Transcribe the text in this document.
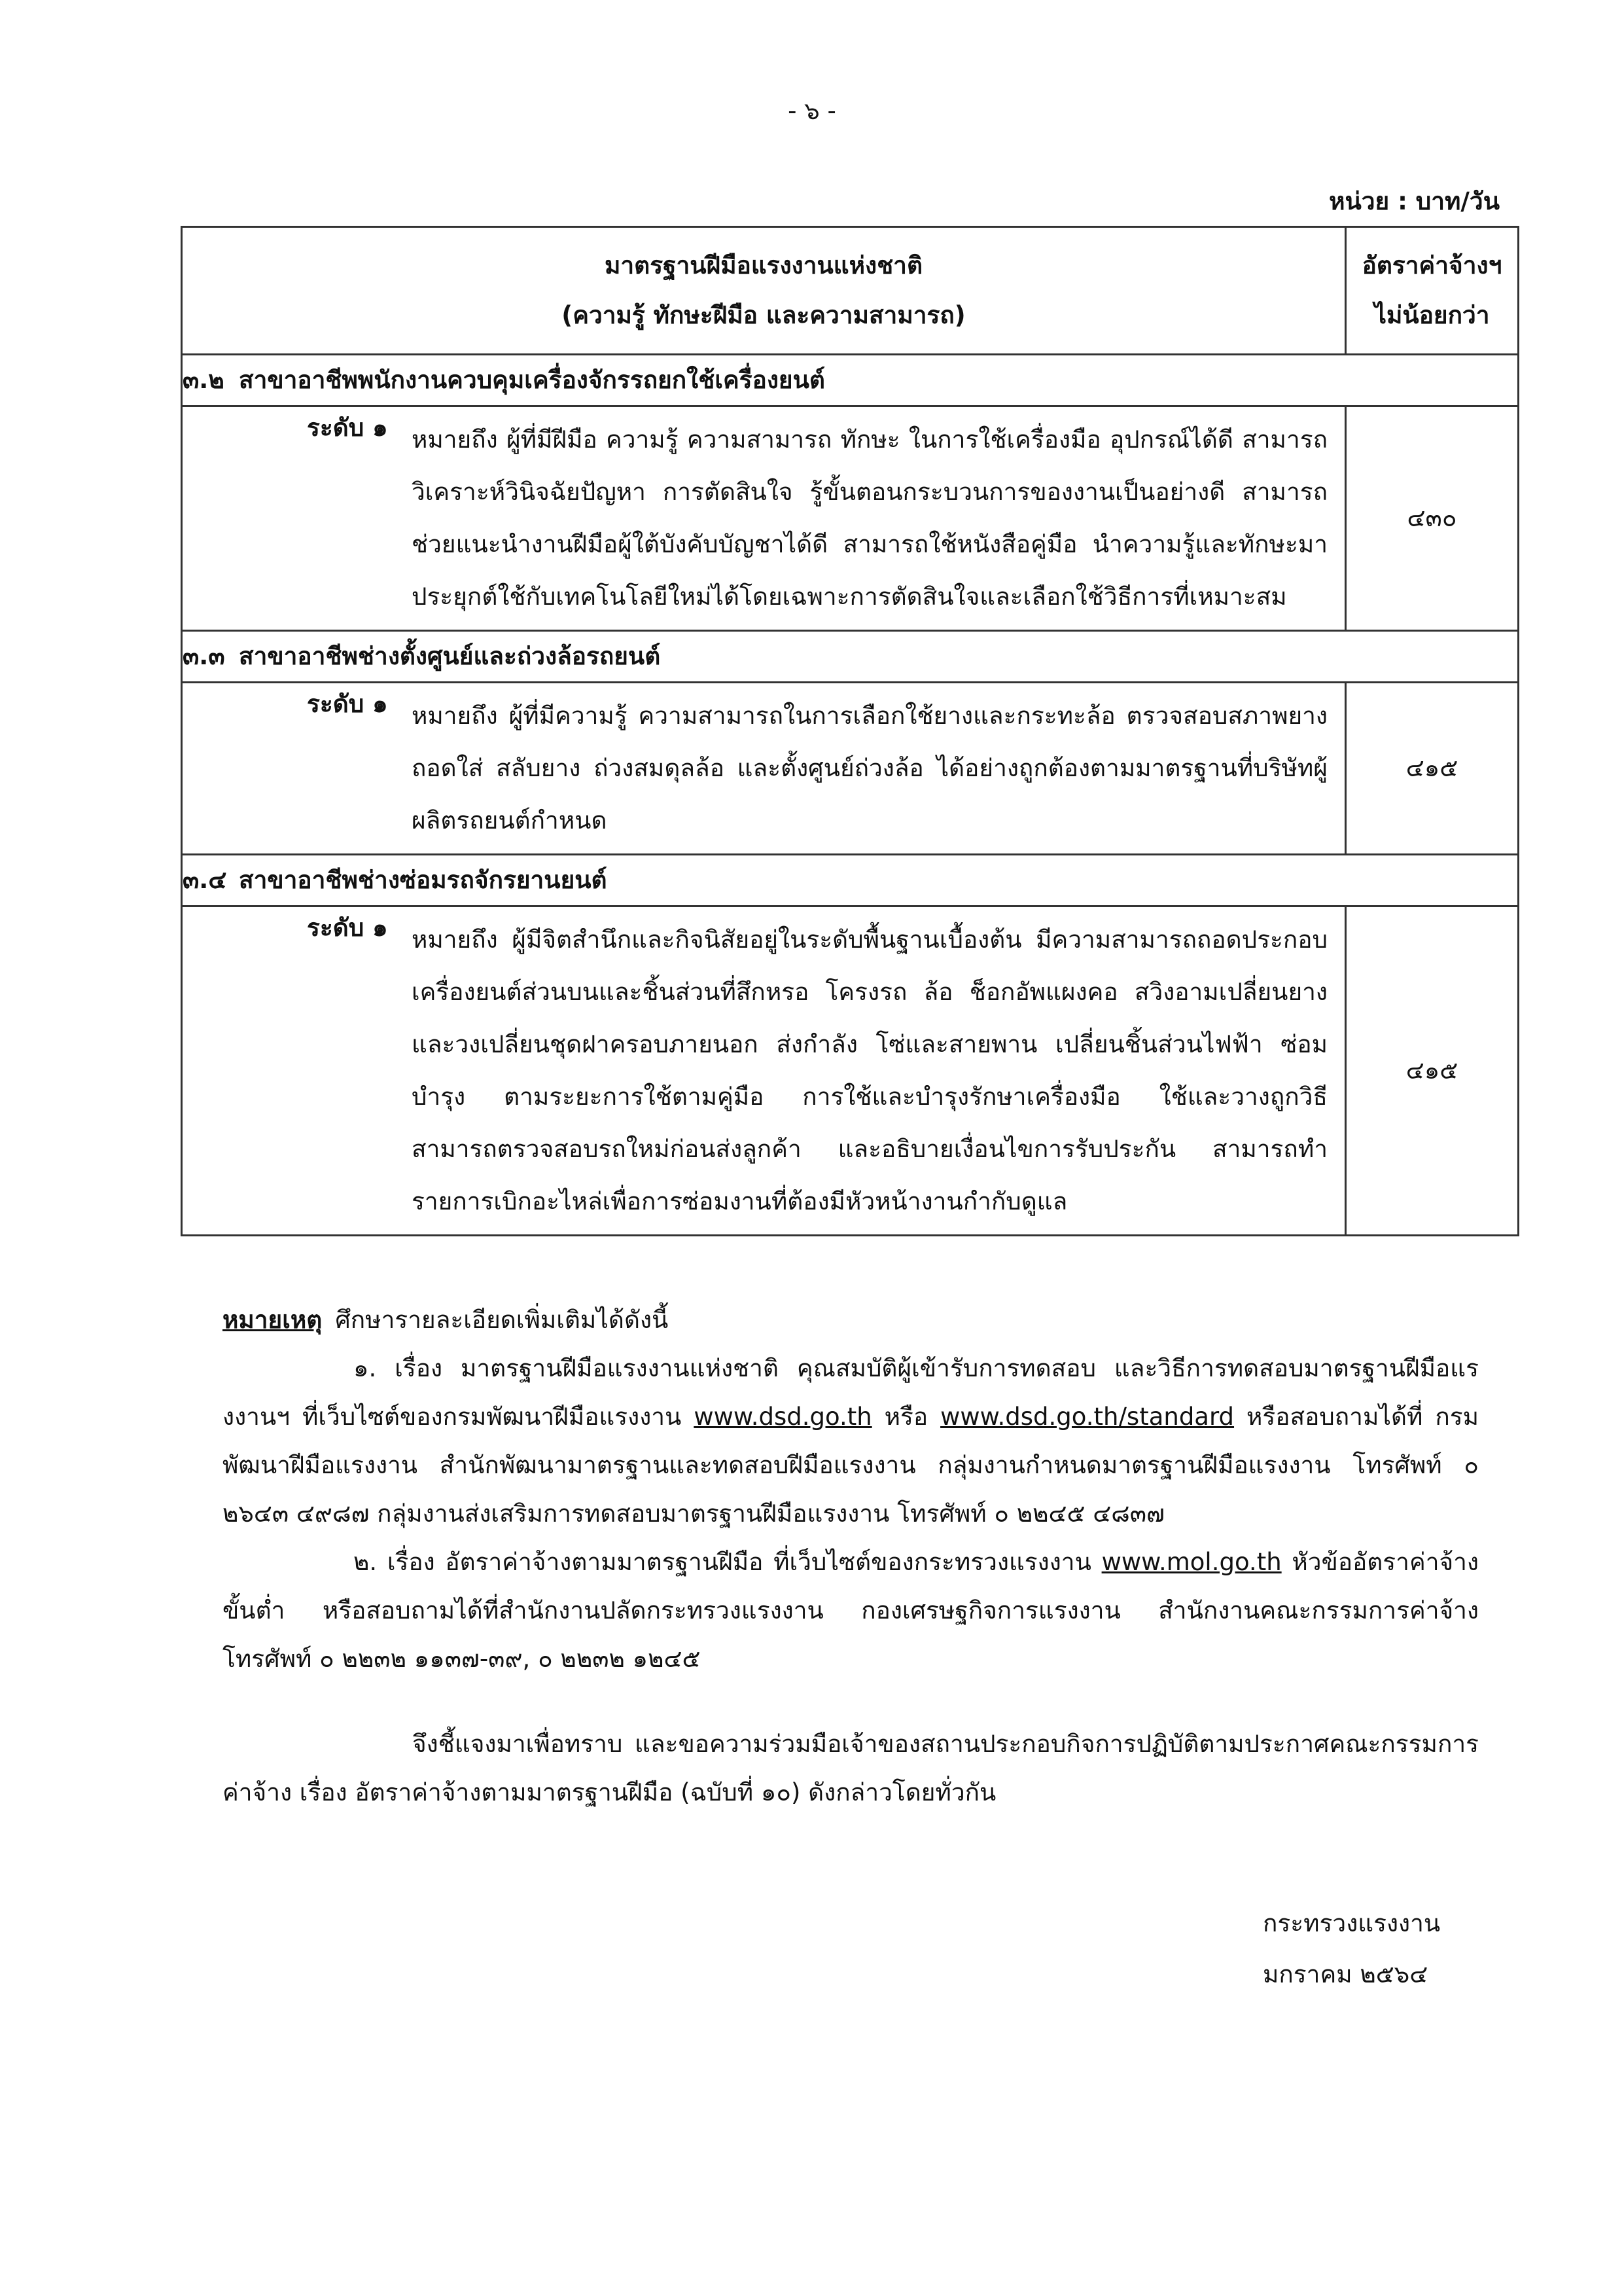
- ๖ -
หน่วย : บาท/วัน
มาตรฐานฝีมือแรงงานแห่งชาติ
(ความรู้ ทักษะฝีมือ และความสามารถ)	อัตราค่าจ้างฯ
ไม่น้อยกว่า

๓.๒ สาขาอาชีพพนักงานควบคุมเครื่องจักรรถยกใช้เครื่องยนต์	

ระดับ ๑ หมายถึง ผู้ที่มีฝีมือ ความรู้ ความสามารถ ทักษะ ในการใช้เครื่องมือ อุปกรณ์ได้ดี สามารถวิเคราะห์วินิจฉัยปัญหา การตัดสินใจ รู้ขั้นตอนกระบวนการของงานเป็นอย่างดี สามารถช่วยแนะนำงานฝีมือผู้ใต้บังคับบัญชาได้ดี สามารถใช้หนังสือคู่มือ นำความรู้และทักษะมาประยุกต์ใช้กับเทคโนโลยีใหม่ได้โดยเฉพาะการตัดสินใจและเลือกใช้วิธีการที่เหมาะสม	๔๓๐
๓.๓ สาขาอาชีพช่างตั้งศูนย์และถ่วงล้อรถยนต์	

ระดับ ๑ หมายถึง ผู้ที่มีความรู้ ความสามารถในการเลือกใช้ยางและกระทะล้อ ตรวจสอบสภาพยาง ถอดใส่ สลับยาง ถ่วงสมดุลล้อ และตั้งศูนย์ถ่วงล้อ ได้อย่างถูกต้องตามมาตรฐานที่บริษัทผู้ผลิตรถยนต์กำหนด	๔๑๕
๓.๔ สาขาอาชีพช่างซ่อมรถจักรยานยนต์	

ระดับ ๑ หมายถึง ผู้มีจิตสำนึกและกิจนิสัยอยู่ในระดับพื้นฐานเบื้องต้น มีความสามารถถอดประกอบเครื่องยนต์ส่วนบนและชิ้นส่วนที่สึกหรอ โครงรถ ล้อ ช็อกอัพแผงคอ สวิงอามเปลี่ยนยาง และวงเปลี่ยนชุดฝาครอบภายนอก ส่งกำลัง โซ่และสายพาน เปลี่ยนชิ้นส่วนไฟฟ้า ซ่อมบำรุง ตามระยะการใช้ตามคู่มือ การใช้และบำรุงรักษาเครื่องมือ ใช้และวางถูกวิธี สามารถตรวจสอบรถใหม่ก่อนส่งลูกค้า และอธิบายเงื่อนไขการรับประกัน สามารถทำรายการเบิกอะไหล่เพื่อการซ่อมงานที่ต้องมีหัวหน้างานกำกับดูแล	๔๑๕

หมายเหตุ ศึกษารายละเอียดเพิ่มเติมได้ดังนี้

๑. เรื่อง มาตรฐานฝีมือแรงงานแห่งชาติ คุณสมบัติผู้เข้ารับการทดสอบ และวิธีการทดสอบมาตรฐานฝีมือแรงงานฯ ที่เว็บไซต์ของกรมพัฒนาฝีมือแรงงาน www.dsd.go.th หรือ www.dsd.go.th/standard หรือสอบถามได้ที่ กรมพัฒนาฝีมือแรงงาน สำนักพัฒนามาตรฐานและทดสอบฝีมือแรงงาน กลุ่มงานกำหนดมาตรฐานฝีมือแรงงาน โทรศัพท์ ๐ ๒๖๔๓ ๔๙๘๗ กลุ่มงานส่งเสริมการทดสอบมาตรฐานฝีมือแรงงาน โทรศัพท์ ๐ ๒๒๔๕ ๔๘๓๗

๒. เรื่อง อัตราค่าจ้างตามมาตรฐานฝีมือ ที่เว็บไซต์ของกระทรวงแรงงาน www.mol.go.th หัวข้ออัตราค่าจ้างขั้นต่ำ หรือสอบถามได้ที่สำนักงานปลัดกระทรวงแรงงาน กองเศรษฐกิจการแรงงาน สำนักงานคณะกรรมการค่าจ้าง โทรศัพท์ ๐ ๒๒๓๒ ๑๑๓๗-๓๙, ๐ ๒๒๓๒ ๑๒๔๕

จึงชี้แจงมาเพื่อทราบ และขอความร่วมมือเจ้าของสถานประกอบกิจการปฏิบัติตามประกาศคณะกรรมการค่าจ้าง เรื่อง อัตราค่าจ้างตามมาตรฐานฝีมือ (ฉบับที่ ๑๐) ดังกล่าวโดยทั่วกัน

กระทรวงแรงงาน
มกราคม ๒๕๖๔
